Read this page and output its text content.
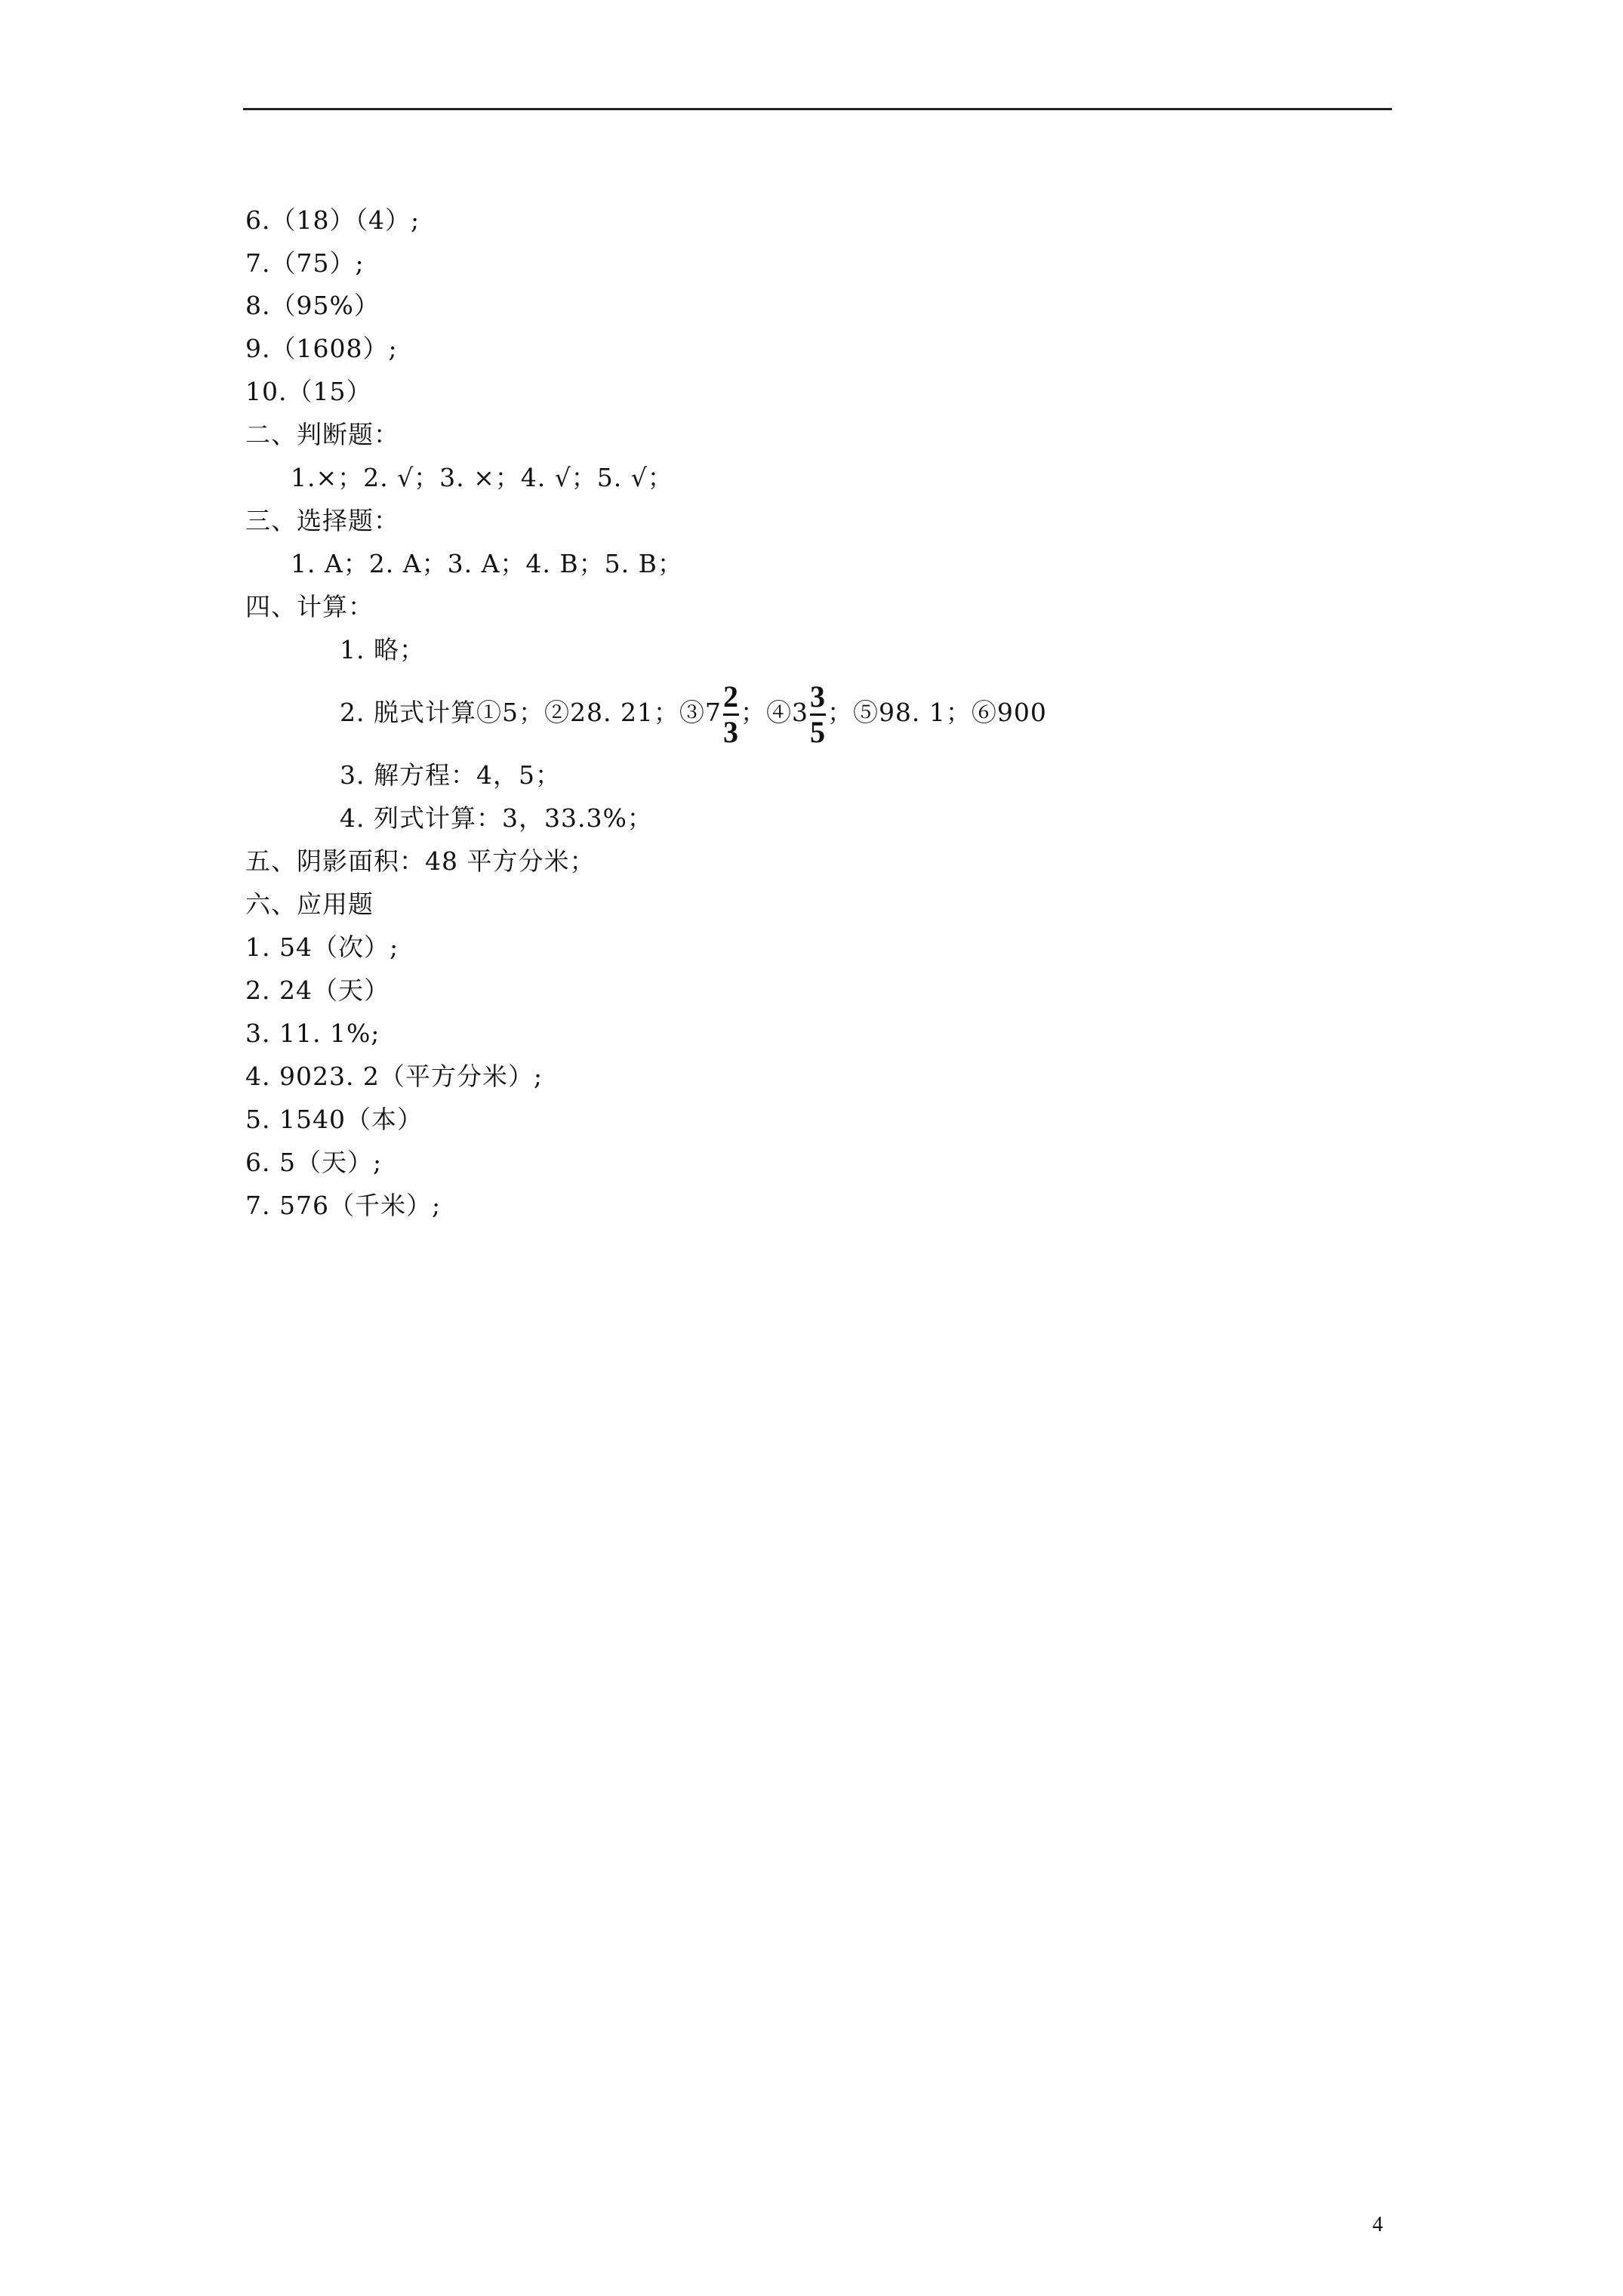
6.（18）（4）;
7.（75）;
8.（95%）
9.（1608）;
10.（15）
二、判断题：
1.×；2. √；3. ×；4. √；5. √；
三、选择题：
1. A；2. A；3. A；4. B；5. B；
四、计算：
1. 略；
2. 脱式计算①5；②28. 21；③7 $\frac{2}{3}$ ；④3 $\frac{3}{5}$ ；⑤98. 1；⑥900
3. 解方程：4，5；
4. 列式计算：3，33.3%；
五、阴影面积：48 平方分米；
六、应用题
1. 54（次）;
2. 24（天）
3. 11. 1%;
4. 9023. 2（平方分米）;
5. 1540（本）
6. 5（天）;
7. 576（千米）;
4
